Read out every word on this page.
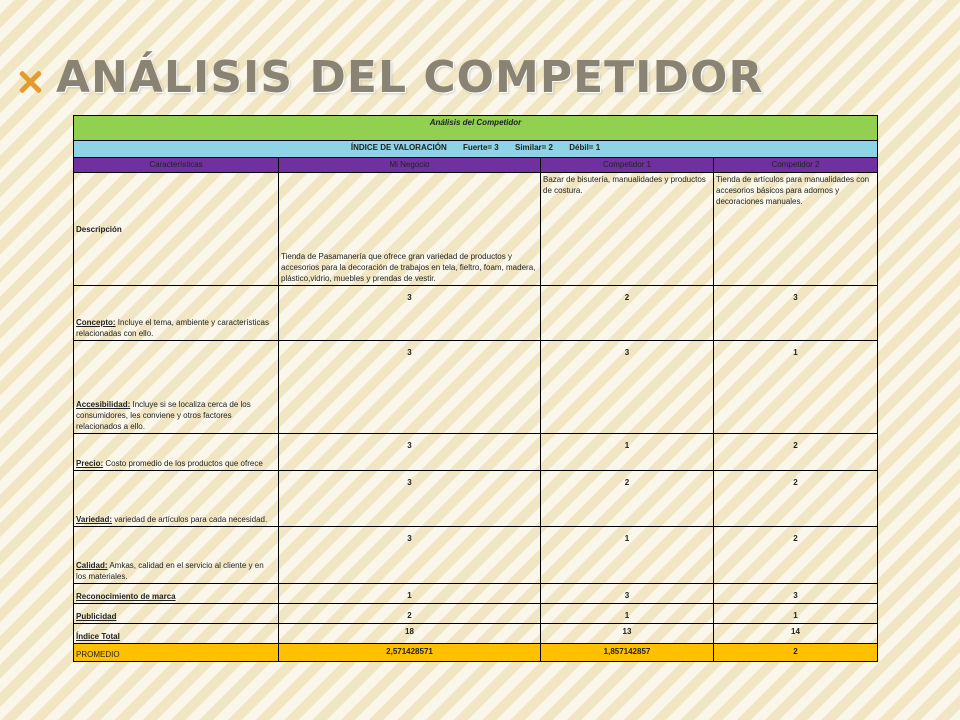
ANÁLISIS DEL COMPETIDOR
Análisis del Competidor			
ÍNDICE DE VALORACIÓN Fuerte= 3 Similar= 2 Débil= 1			
Características	Mi Negocio	Competidor 1	Competidor 2
Descripción	Tienda de Pasamanería que ofrece gran variedad de productos y accesorios para la decoración de trabajos en tela, fieltro, foam, madera, plástico,vidrio, muebles y prendas de vestir.	Bazar de bisutería, manualidades y productos de costura.	Tienda de artículos para manualidades con accesorios básicos para adornos y decoraciones manuales.
Concepto: Incluye el tema, ambiente y características relacionadas con ello.	3	2	3
Accesibilidad: Incluye si se localiza cerca de los consumidores, les conviene y otros factores relacionados a ello.	3	3	1
Precio: Costo promedio de los productos que ofrece	3	1	2
Variedad: variedad de artículos para cada necesidad.	3	2	2
Calidad: Amkas, calidad en el servicio al cliente y en los materiales.	3	1	2
Reconocimiento de marca	1	3	3
Publicidad	2	1	1
Índice Total	18	13	14
PROMEDIO	2,571428571	1,857142857	2
